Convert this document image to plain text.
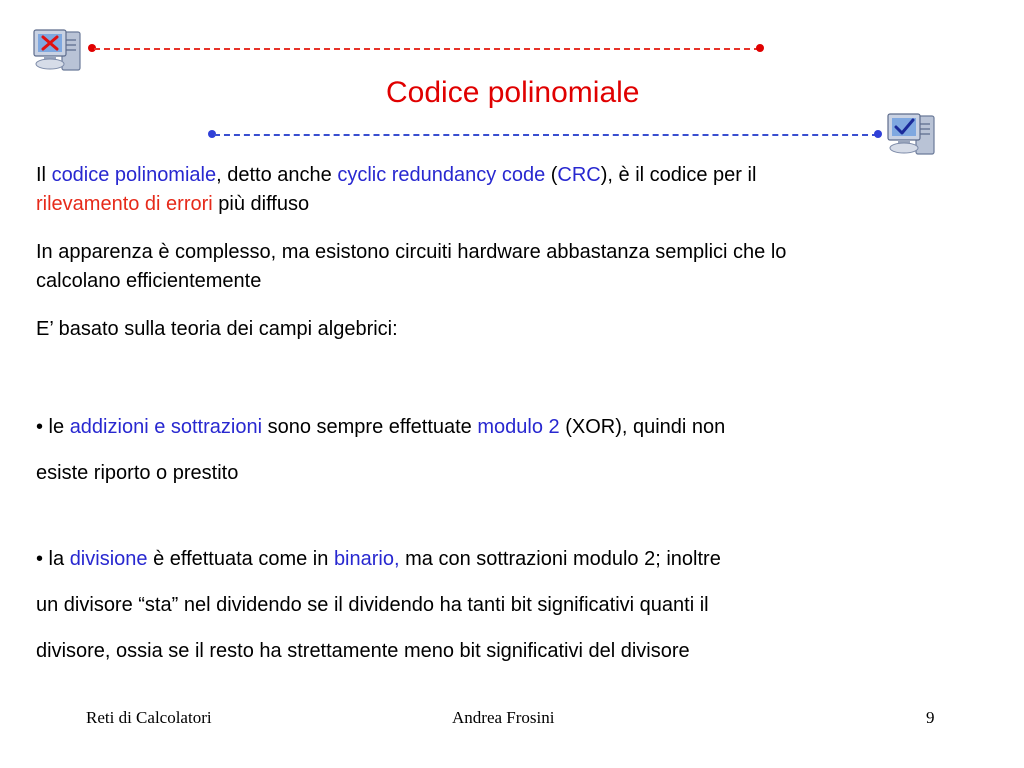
Codice polinomiale
Il codice polinomiale, detto anche cyclic redundancy code (CRC), è il codice per il
rilevamento di errori più diffuso
In apparenza è complesso, ma esistono circuiti hardware abbastanza semplici che lo
calcolano efficientemente
E’ basato sulla teoria dei campi algebrici:
• le addizioni e sottrazioni sono sempre effettuate modulo 2 (XOR), quindi non
esiste riporto o prestito
• la divisione è effettuata come in binario, ma con sottrazioni modulo 2; inoltre
un divisore “sta” nel dividendo se il dividendo ha tanti bit significativi quanti il
divisore, ossia se il resto ha strettamente meno bit significativi del divisore
Reti di Calcolatori	Andrea Frosini	9
